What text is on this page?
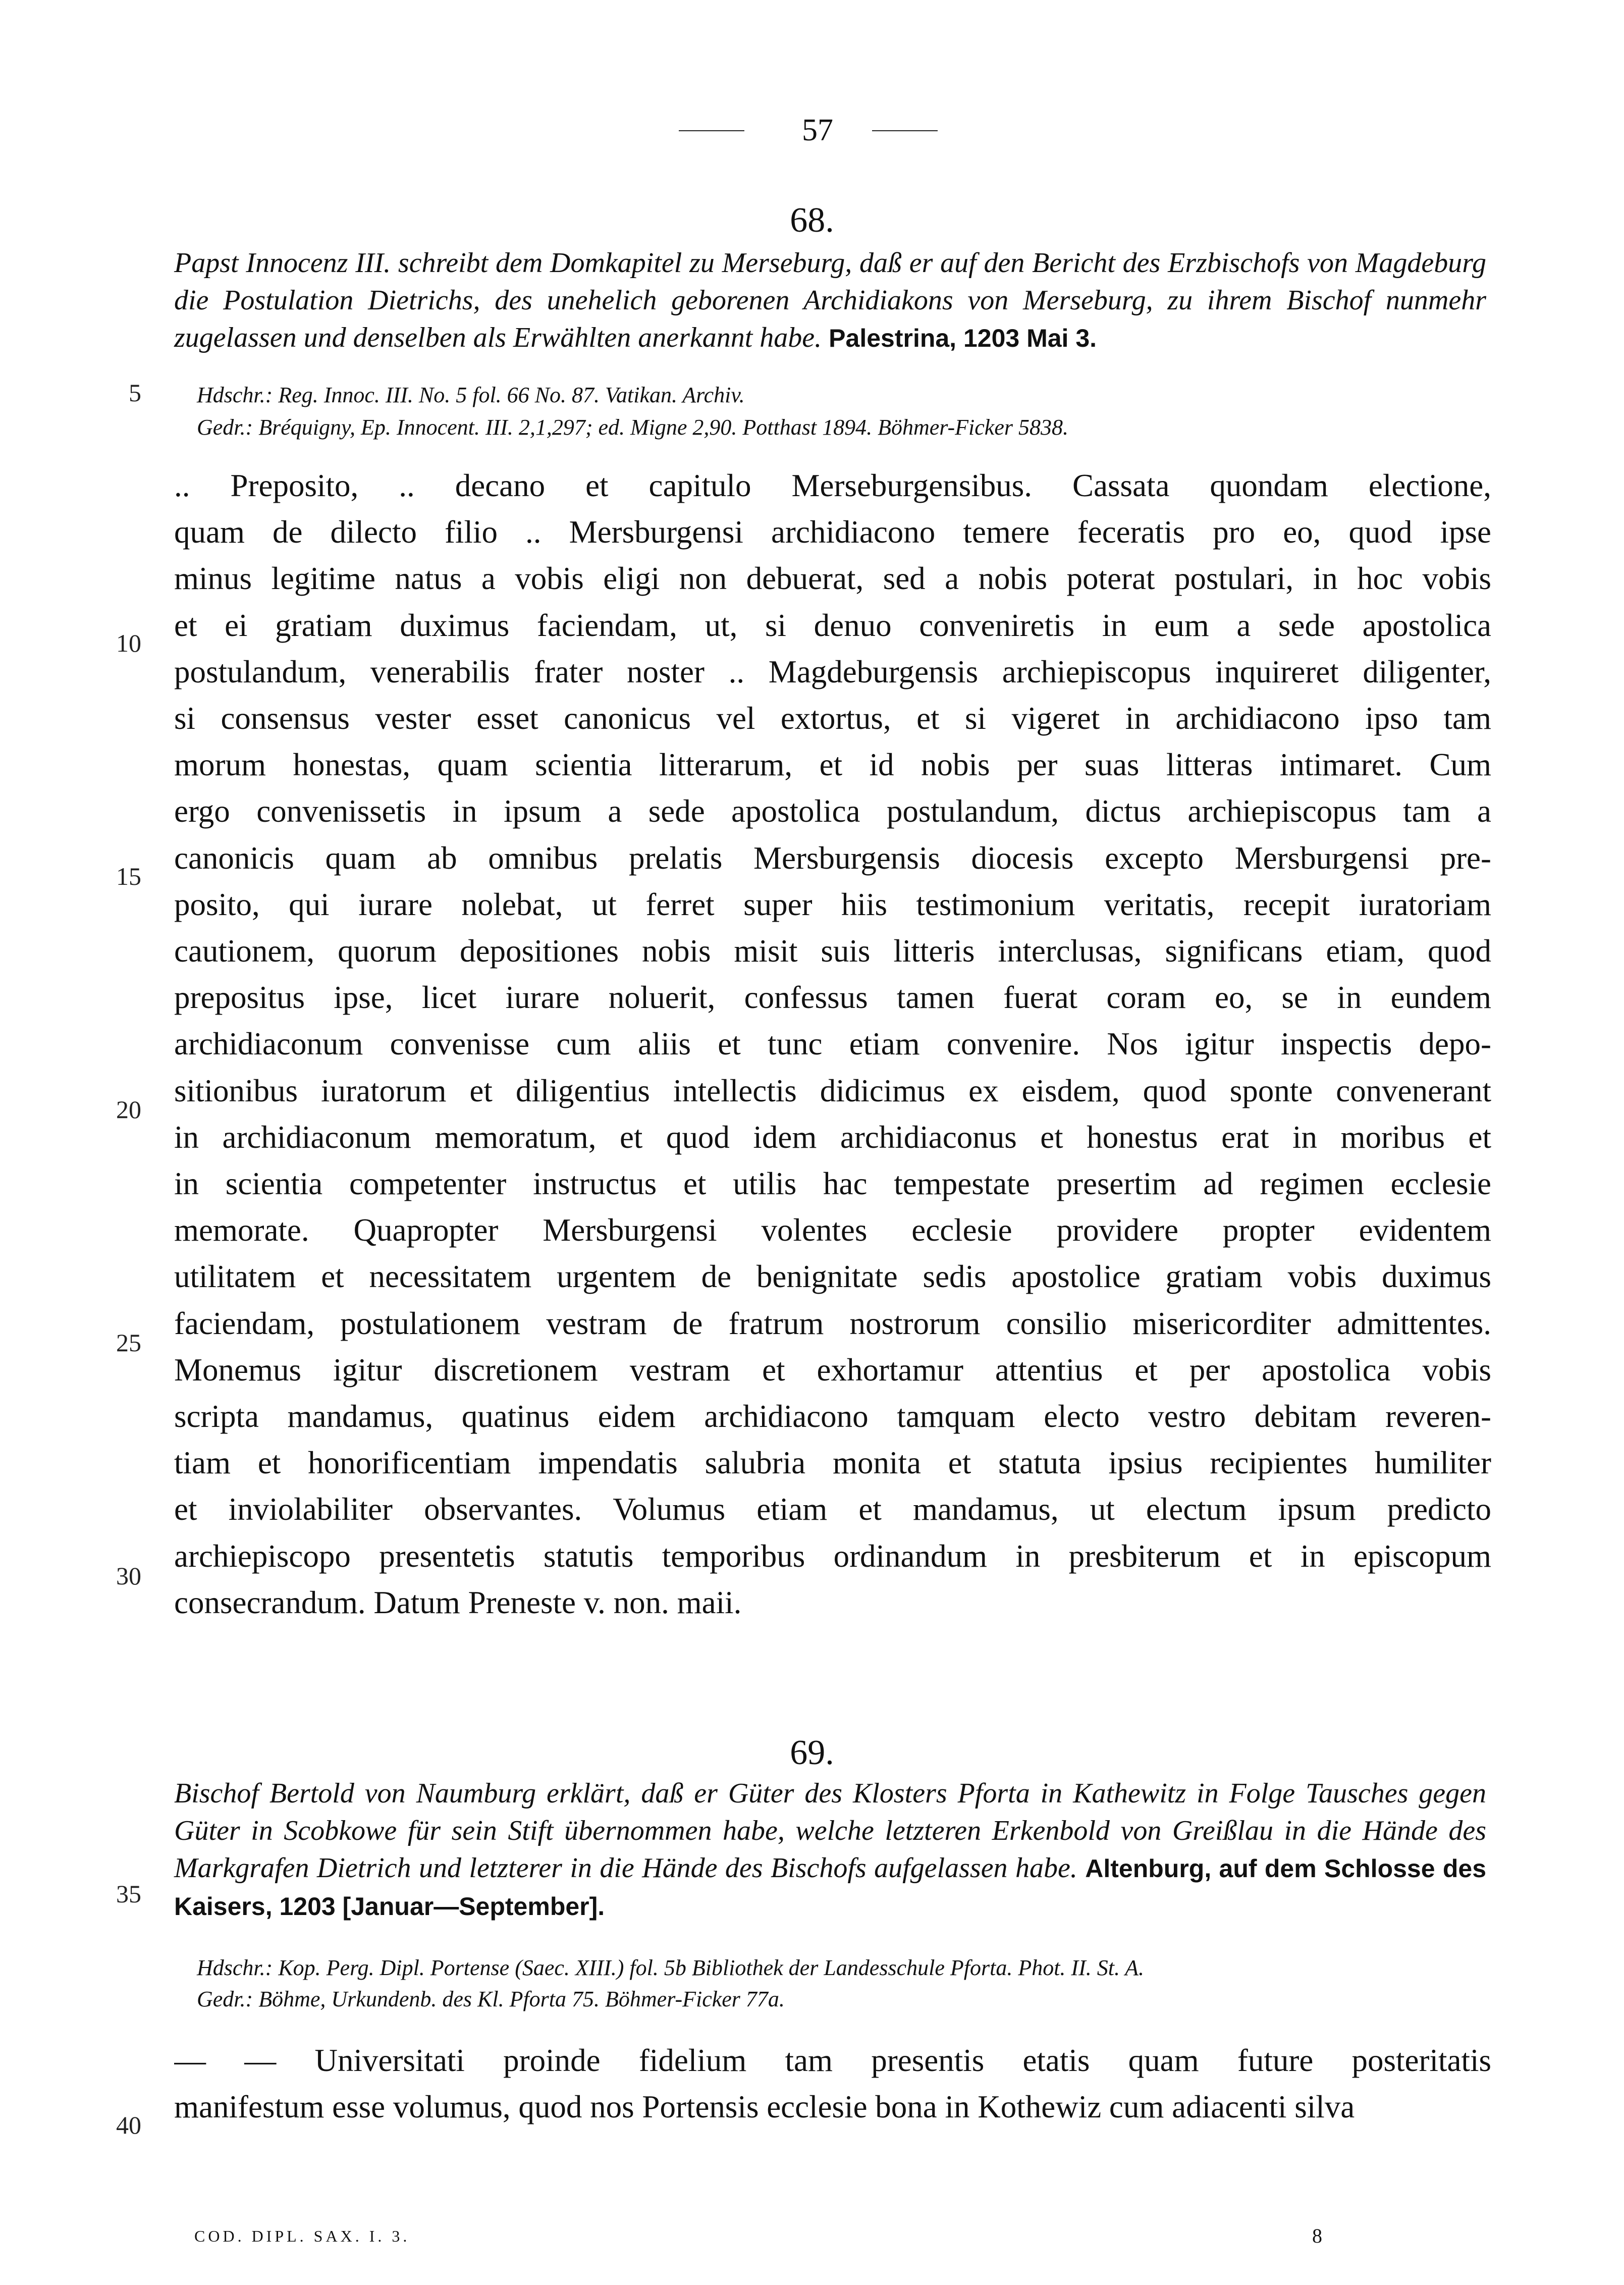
57
68.
Papst Innocenz III. schreibt dem Domkapitel zu Merseburg, daß er auf den Bericht des Erzbischofs von Magdeburg die Postulation Dietrichs, des unehelich geborenen Archidiakons von Merseburg, zu ihrem Bischof nunmehr zugelassen und denselben als Erwählten anerkannt habe. Palestrina, 1203 Mai 3.
Hdschr.: Reg. Innoc. III. No. 5 fol. 66 No. 87. Vatikan. Archiv.
Gedr.: Bréquigny, Ep. Innocent. III. 2,1,297; ed. Migne 2,90. Potthast 1894. Böhmer-Ficker 5838.
.. Preposito, .. decano et capitulo Merseburgensibus. Cassata quondam electione,
quam de dilecto filio .. Mersburgensi archidiacono temere feceratis pro eo, quod ipse
minus legitime natus a vobis eligi non debuerat, sed a nobis poterat postulari, in hoc vobis
et ei gratiam duximus faciendam, ut, si denuo conveniretis in eum a sede apostolica
postulandum, venerabilis frater noster .. Magdeburgensis archiepiscopus inquireret diligenter,
si consensus vester esset canonicus vel extortus, et si vigeret in archidiacono ipso tam
morum honestas, quam scientia litterarum, et id nobis per suas litteras intimaret. Cum
ergo convenissetis in ipsum a sede apostolica postulandum, dictus archiepiscopus tam a
canonicis quam ab omnibus prelatis Mersburgensis diocesis excepto Mersburgensi pre-
posito, qui iurare nolebat, ut ferret super hiis testimonium veritatis, recepit iuratoriam
cautionem, quorum depositiones nobis misit suis litteris interclusas, significans etiam, quod
prepositus ipse, licet iurare noluerit, confessus tamen fuerat coram eo, se in eundem
archidiaconum convenisse cum aliis et tunc etiam convenire. Nos igitur inspectis depo-
sitionibus iuratorum et diligentius intellectis didicimus ex eisdem, quod sponte convenerant
in archidiaconum memoratum, et quod idem archidiaconus et honestus erat in moribus et
in scientia competenter instructus et utilis hac tempestate presertim ad regimen ecclesie
memorate. Quapropter Mersburgensi volentes ecclesie providere propter evidentem
utilitatem et necessitatem urgentem de benignitate sedis apostolice gratiam vobis duximus
faciendam, postulationem vestram de fratrum nostrorum consilio misericorditer admittentes.
Monemus igitur discretionem vestram et exhortamur attentius et per apostolica vobis
scripta mandamus, quatinus eidem archidiacono tamquam electo vestro debitam reveren-
tiam et honorificentiam impendatis salubria monita et statuta ipsius recipientes humiliter
et inviolabiliter observantes. Volumus etiam et mandamus, ut electum ipsum predicto
archiepiscopo presentetis statutis temporibus ordinandum in presbiterum et in episcopum
consecrandum. Datum Preneste v. non. maii.
69.
Bischof Bertold von Naumburg erklärt, daß er Güter des Klosters Pforta in Kathewitz in Folge Tausches gegen Güter in Scobkowe für sein Stift übernommen habe, welche letzteren Erkenbold von Greißlau in die Hände des Markgrafen Dietrich und letzterer in die Hände des Bischofs aufgelassen habe. Altenburg, auf dem Schlosse des Kaisers, 1203 [Januar—September].
Hdschr.: Kop. Perg. Dipl. Portense (Saec. XIII.) fol. 5b Bibliothek der Landesschule Pforta. Phot. II. St. A.
Gedr.: Böhme, Urkundenb. des Kl. Pforta 75. Böhmer-Ficker 77a.
— — Universitati proinde fidelium tam presentis etatis quam future posteritatis
manifestum esse volumus, quod nos Portensis ecclesie bona in Kothewiz cum adiacenti silva
5
10
15
20
25
30
35
40
COD. DIPL. SAX. I. 3.	8
